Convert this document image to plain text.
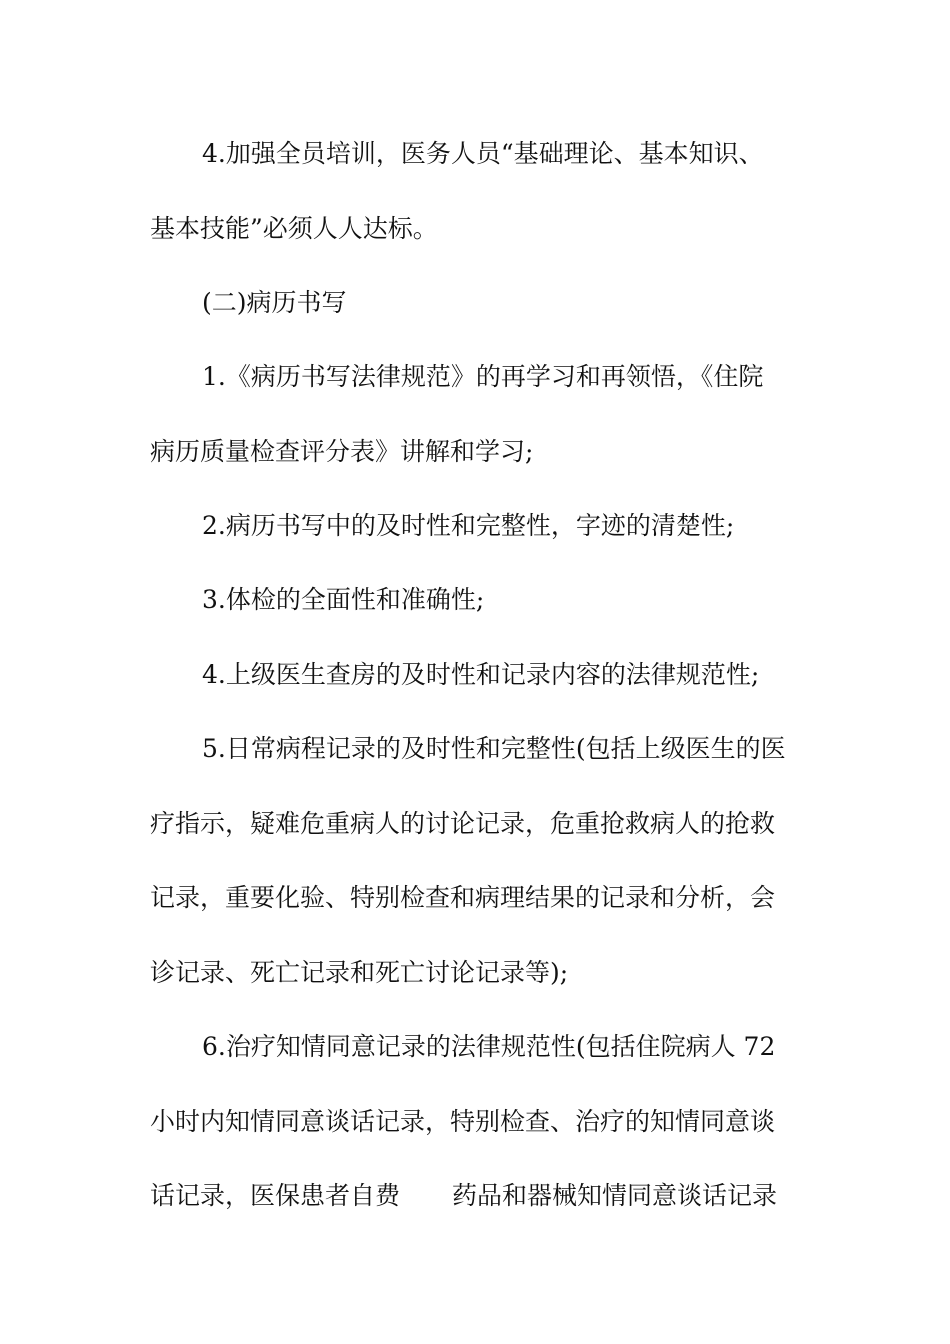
4.加强全员培训，医务人员“基础理论、基本知识、
基本技能”必须人人达标。
(二)病历书写
1.《病历书写法律规范》的再学习和再领悟，《住院
病历质量检查评分表》讲解和学习;
2.病历书写中的及时性和完整性，字迹的清楚性;
3.体检的全面性和准确性;
4.上级医生查房的及时性和记录内容的法律规范性;
5.日常病程记录的及时性和完整性(包括上级医生的医
疗指示，疑难危重病人的讨论记录，危重抢救病人的抢救
记录，重要化验、特别检查和病理结果的记录和分析，会
诊记录、死亡记录和死亡讨论记录等);
6.治疗知情同意记录的法律规范性(包括住院病人 72
小时内知情同意谈话记录，特别检查、治疗的知情同意谈
话记录，医保患者自费 药品和器械知情同意谈话记录
